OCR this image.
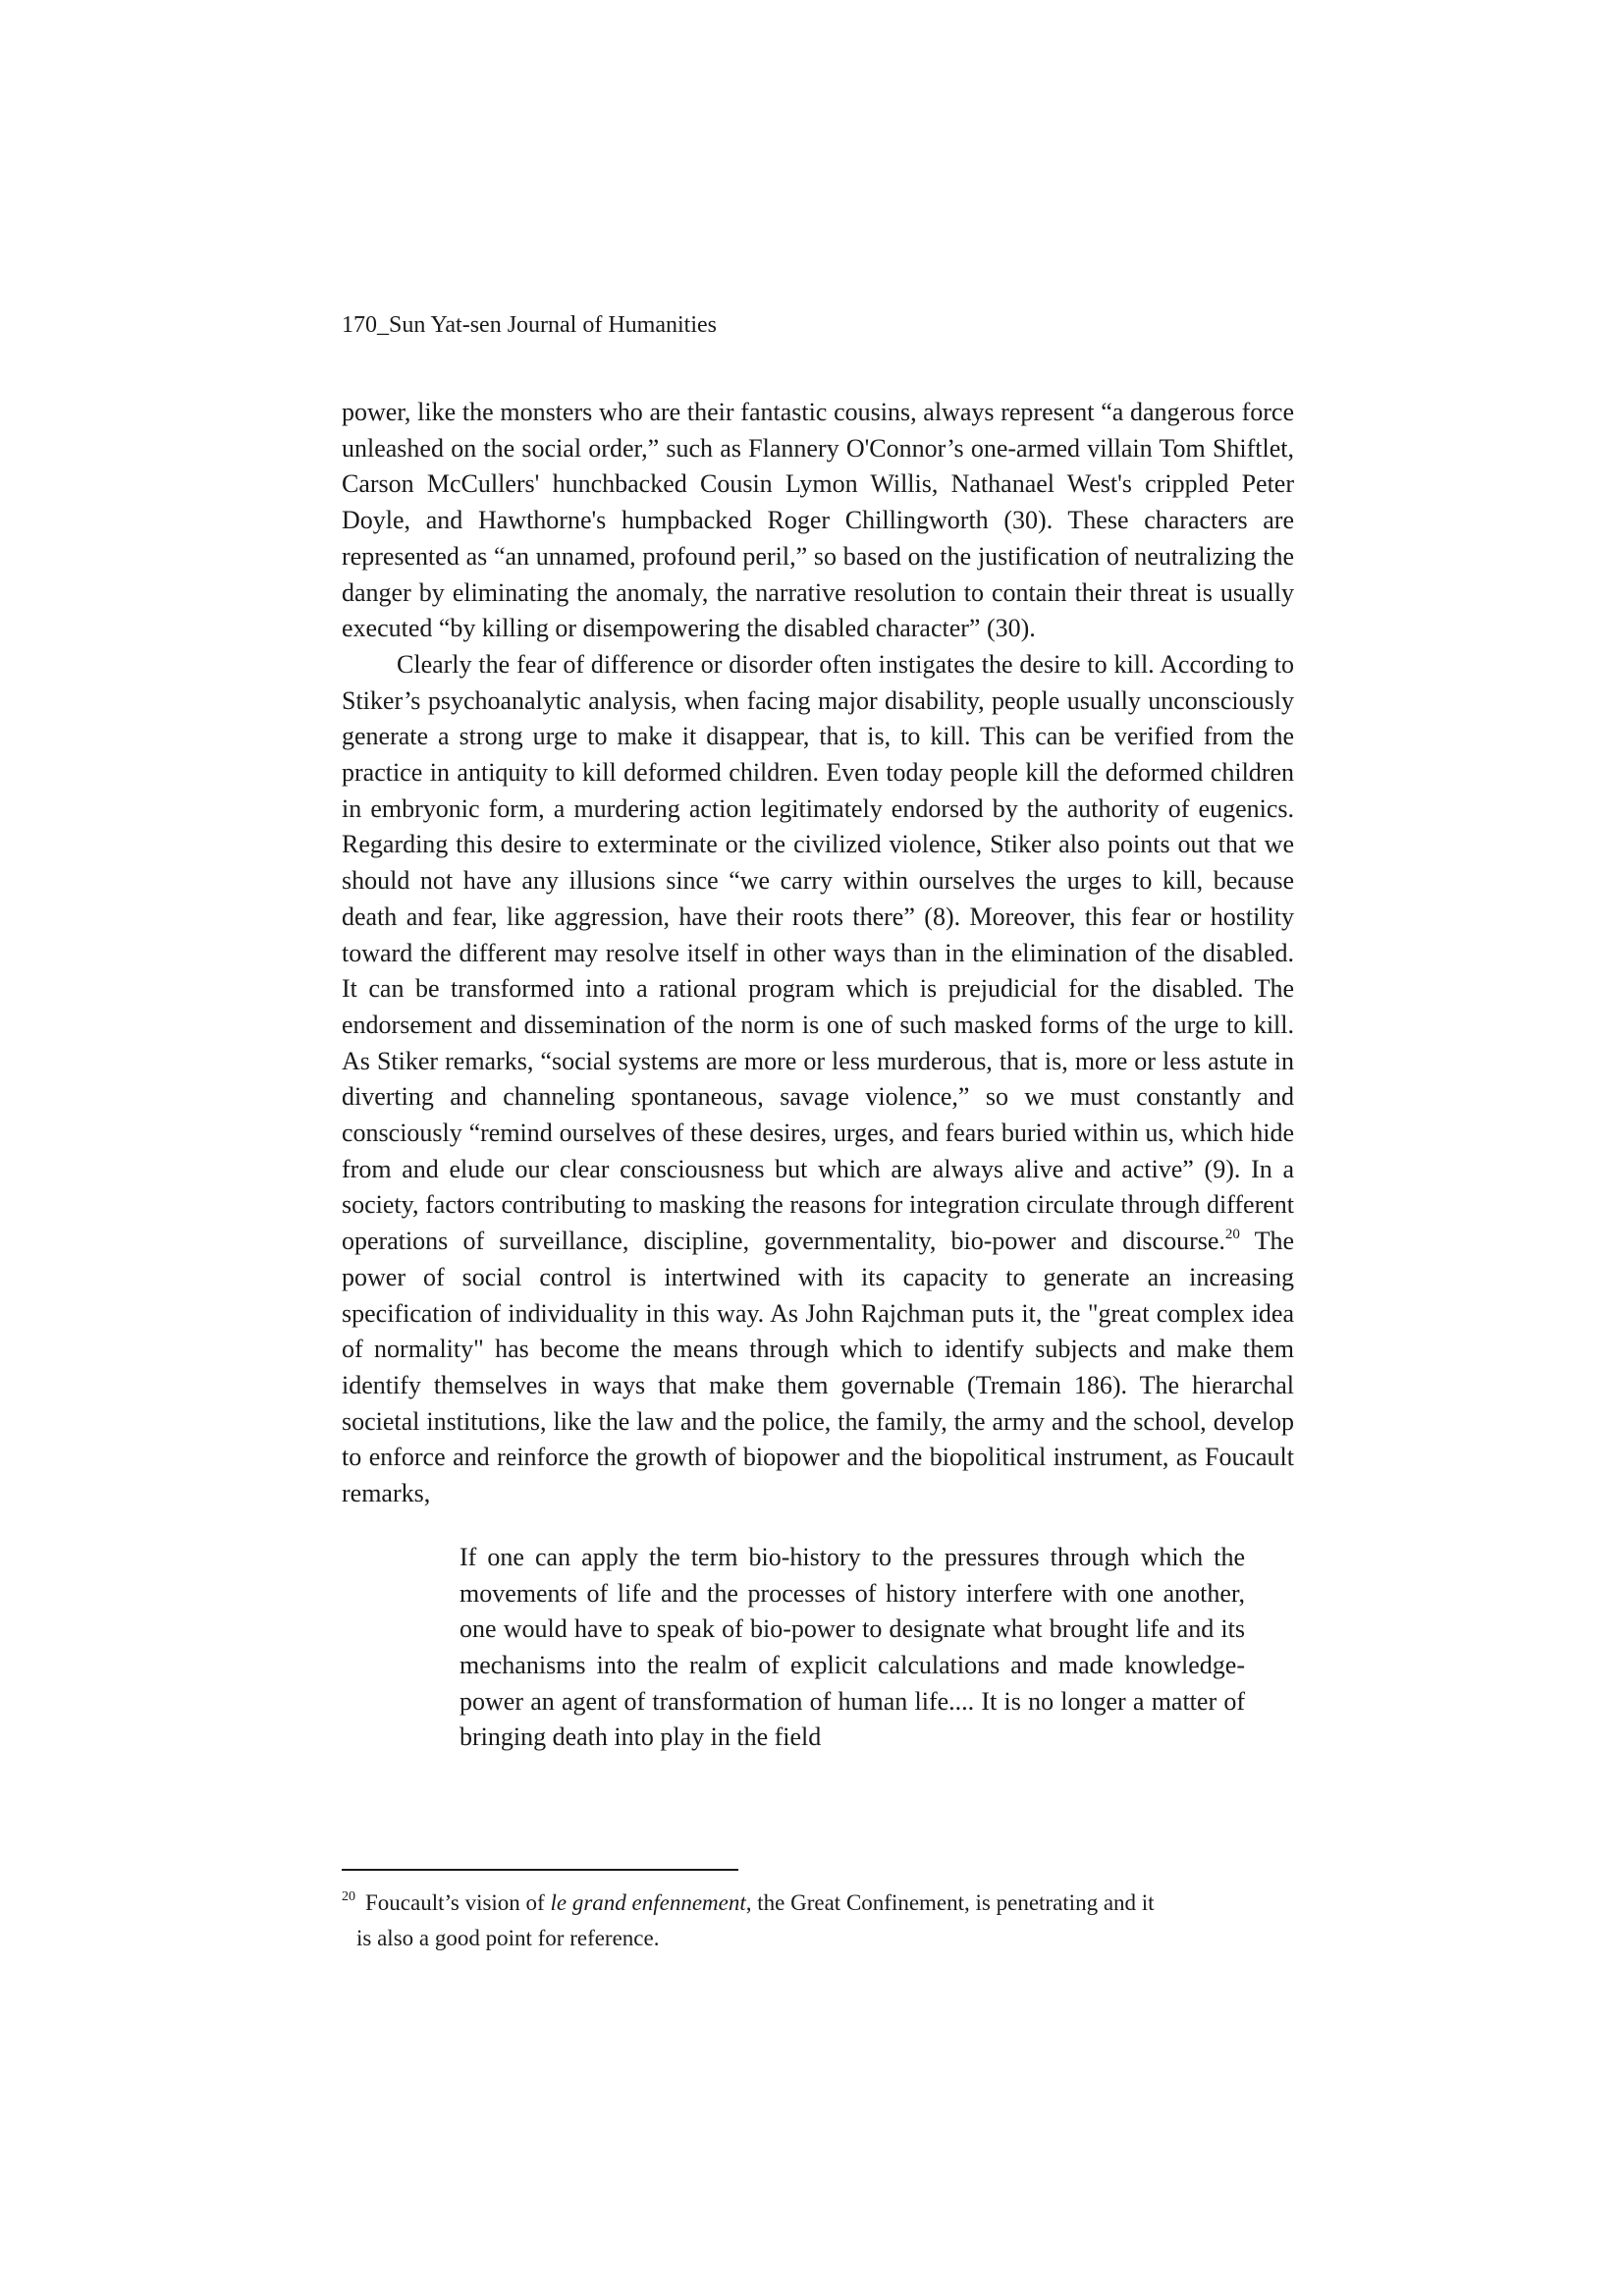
170_Sun Yat-sen Journal of Humanities

power, like the monsters who are their fantastic cousins, always represent “a dangerous force unleashed on the social order,” such as Flannery O'Connor’s one-armed villain Tom Shiftlet, Carson McCullers' hunchbacked Cousin Lymon Willis, Nathanael West's crippled Peter Doyle, and Hawthorne's humpbacked Roger Chillingworth (30). These characters are represented as “an unnamed, profound peril,” so based on the justification of neutralizing the danger by eliminating the anomaly, the narrative resolution to contain their threat is usually executed “by killing or disempowering the disabled character” (30).

Clearly the fear of difference or disorder often instigates the desire to kill. According to Stiker’s psychoanalytic analysis, when facing major disability, people usually unconsciously generate a strong urge to make it disappear, that is, to kill. This can be verified from the practice in antiquity to kill deformed children. Even today people kill the deformed children in embryonic form, a murdering action legitimately endorsed by the authority of eugenics. Regarding this desire to exterminate or the civilized violence, Stiker also points out that we should not have any illusions since “we carry within ourselves the urges to kill, because death and fear, like aggression, have their roots there” (8). Moreover, this fear or hostility toward the different may resolve itself in other ways than in the elimination of the disabled. It can be transformed into a rational program which is prejudicial for the disabled. The endorsement and dissemination of the norm is one of such masked forms of the urge to kill. As Stiker remarks, “social systems are more or less murderous, that is, more or less astute in diverting and channeling spontaneous, savage violence,” so we must constantly and consciously “remind ourselves of these desires, urges, and fears buried within us, which hide from and elude our clear consciousness but which are always alive and active” (9). In a society, factors contributing to masking the reasons for integration circulate through different operations of surveillance, discipline, governmentality, bio-power and discourse.$^{20}$ The power of social control is intertwined with its capacity to generate an increasing specification of individuality in this way. As John Rajchman puts it, the "great complex idea of normality" has become the means through which to identify subjects and make them identify themselves in ways that make them governable (Tremain 186). The hierarchal societal institutions, like the law and the police, the family, the army and the school, develop to enforce and reinforce the growth of biopower and the biopolitical instrument, as Foucault remarks,

If one can apply the term bio-history to the pressures through which the movements of life and the processes of history interfere with one another, one would have to speak of bio-power to designate what brought life and its mechanisms into the realm of explicit calculations and made knowledge-power an agent of transformation of human life.... It is no longer a matter of bringing death into play in the field

$^{20}$ Foucault’s vision of le grand enfennement, the Great Confinement, is penetrating and it
is also a good point for reference.
